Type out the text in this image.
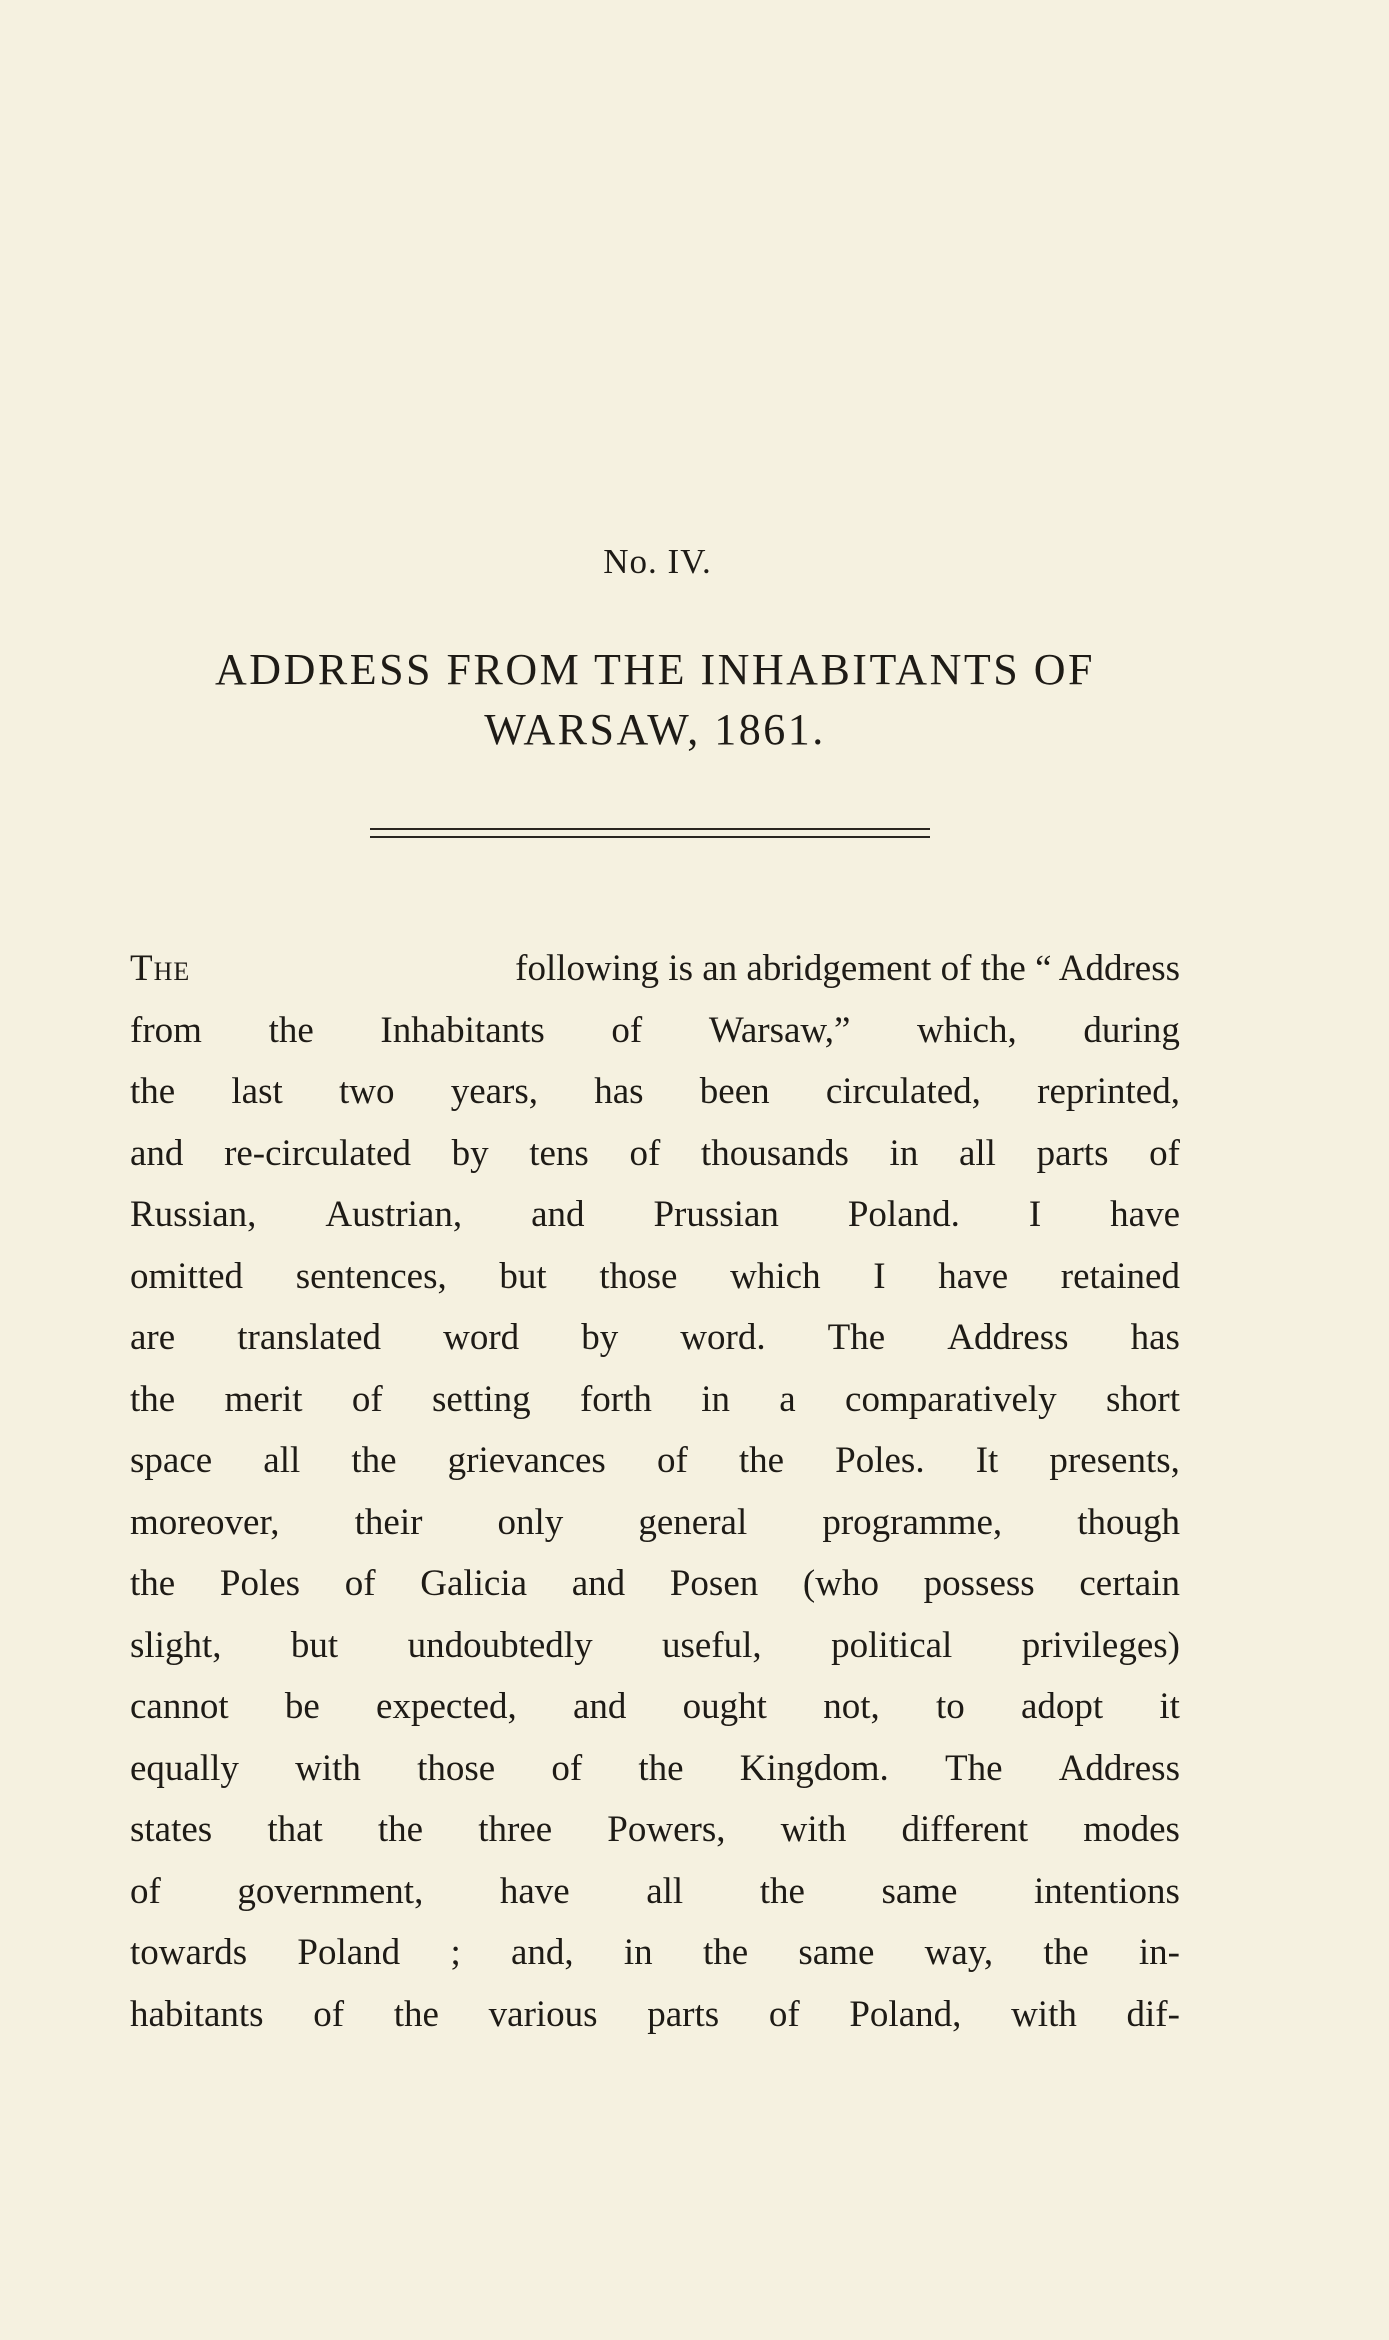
No. IV.
ADDRESS FROM THE INHABITANTS OF
WARSAW, 1861.
The	following is an abridgement of the “ Address
from the Inhabitants of Warsaw,” which, during
the last two years, has been circulated, reprinted,
and re-circulated by tens of thousands in all parts of
Russian, Austrian, and Prussian Poland. I have
omitted sentences, but those which I have retained
are translated word by word. The Address has
the merit of setting forth in a comparatively short
space all the grievances of the Poles. It presents,
moreover, their only general programme, though
the Poles of Galicia and Posen (who possess certain
slight, but undoubtedly useful, political privileges)
cannot be expected, and ought not, to adopt it
equally with those of the Kingdom. The Address
states that the three Powers, with different modes
of government, have all the same intentions
towards Poland ; and, in the same way, the in-
habitants of the various parts of Poland, with dif-
